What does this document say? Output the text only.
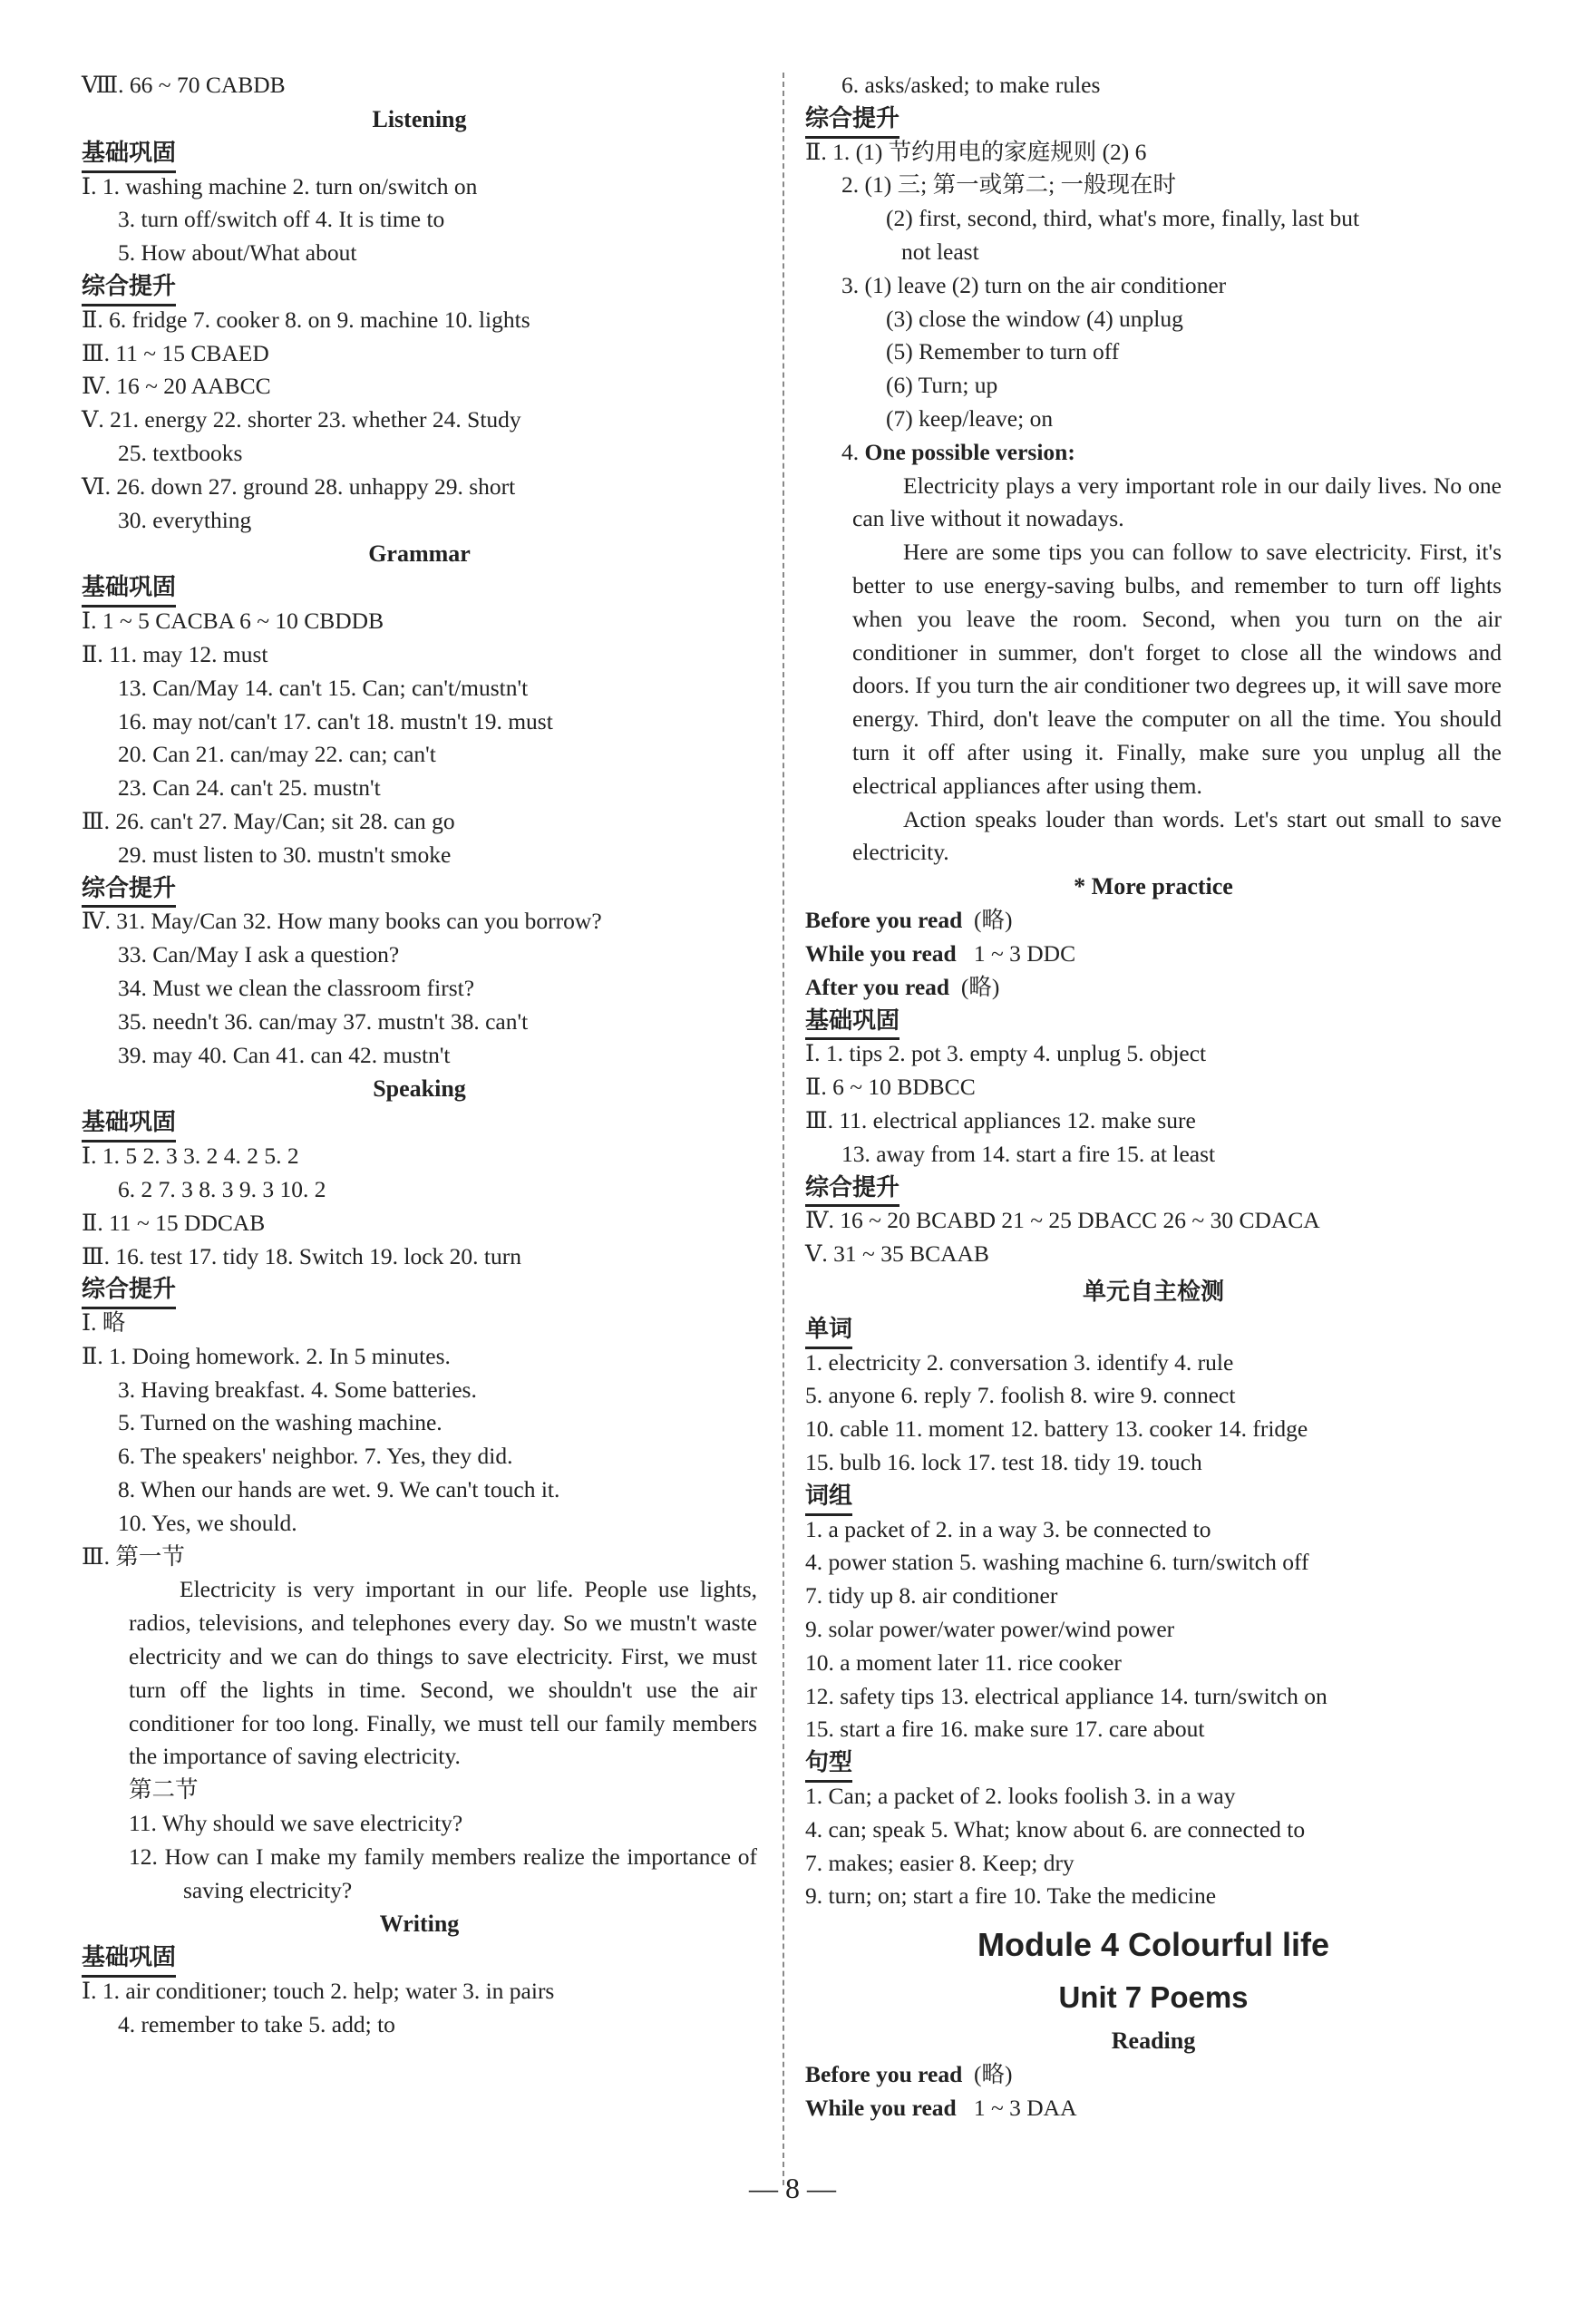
Ⅷ. 66 ~ 70 CABDB
Listening
基础巩固
Ⅰ. 1. washing machine 2. turn on/switch on
3. turn off/switch off 4. It is time to
5. How about/What about
综合提升
Ⅱ. 6. fridge 7. cooker 8. on 9. machine 10. lights
Ⅲ. 11 ~ 15 CBAED
Ⅳ. 16 ~ 20 AABCC
Ⅴ. 21. energy 22. shorter 23. whether 24. Study
25. textbooks
Ⅵ. 26. down 27. ground 28. unhappy 29. short
30. everything
Grammar
基础巩固
Ⅰ. 1 ~ 5 CACBA 6 ~ 10 CBDDB
Ⅱ. 11. may 12. must
13. Can/May 14. can't 15. Can; can't/mustn't
16. may not/can't 17. can't 18. mustn't 19. must
20. Can 21. can/may 22. can; can't
23. Can 24. can't 25. mustn't
Ⅲ. 26. can't 27. May/Can; sit 28. can go
29. must listen to 30. mustn't smoke
综合提升
Ⅳ. 31. May/Can 32. How many books can you borrow?
33. Can/May I ask a question?
34. Must we clean the classroom first?
35. needn't 36. can/may 37. mustn't 38. can't
39. may 40. Can 41. can 42. mustn't
Speaking
基础巩固
Ⅰ. 1. 5 2. 3 3. 2 4. 2 5. 2
6. 2 7. 3 8. 3 9. 3 10. 2
Ⅱ. 11 ~ 15 DDCAB
Ⅲ. 16. test 17. tidy 18. Switch 19. lock 20. turn
综合提升
Ⅰ. 略
Ⅱ. 1. Doing homework. 2. In 5 minutes.
3. Having breakfast. 4. Some batteries.
5. Turned on the washing machine.
6. The speakers' neighbor. 7. Yes, they did.
8. When our hands are wet. 9. We can't touch it.
10. Yes, we should.
Ⅲ. 第一节
Electricity is very important in our life. People use lights, radios, televisions, and telephones every day. So we mustn't waste electricity and we can do things to save electricity. First, we must turn off the lights in time. Second, we shouldn't use the air conditioner for too long. Finally, we must tell our family members the importance of saving electricity.
第二节
11. Why should we save electricity?
12. How can I make my family members realize the importance of saving electricity?
Writing
基础巩固
Ⅰ. 1. air conditioner; touch 2. help; water 3. in pairs
4. remember to take 5. add; to
6. asks/asked; to make rules
综合提升
Ⅱ. 1. (1) 节约用电的家庭规则 (2) 6
2. (1) 三; 第一或第二; 一般现在时
(2) first, second, third, what's more, finally, last but
not least
3. (1) leave (2) turn on the air conditioner
(3) close the window (4) unplug
(5) Remember to turn off
(6) Turn; up
(7) keep/leave; on
4. One possible version:
Electricity plays a very important role in our daily lives. No one can live without it nowadays.
Here are some tips you can follow to save electricity. First, it's better to use energy-saving bulbs, and remember to turn off lights when you leave the room. Second, when you turn on the air conditioner in summer, don't forget to close all the windows and doors. If you turn the air conditioner two degrees up, it will save more energy. Third, don't leave the computer on all the time. You should turn it off after using it. Finally, make sure you unplug all the electrical appliances after using them.
Action speaks louder than words. Let's start out small to save electricity.
* More practice
Before you read (略)
While you read 1 ~ 3 DDC
After you read (略)
基础巩固
Ⅰ. 1. tips 2. pot 3. empty 4. unplug 5. object
Ⅱ. 6 ~ 10 BDBCC
Ⅲ. 11. electrical appliances 12. make sure
13. away from 14. start a fire 15. at least
综合提升
Ⅳ. 16 ~ 20 BCABD 21 ~ 25 DBACC 26 ~ 30 CDACA
Ⅴ. 31 ~ 35 BCAAB
单元自主检测
单词
1. electricity 2. conversation 3. identify 4. rule
5. anyone 6. reply 7. foolish 8. wire 9. connect
10. cable 11. moment 12. battery 13. cooker 14. fridge
15. bulb 16. lock 17. test 18. tidy 19. touch
词组
1. a packet of 2. in a way 3. be connected to
4. power station 5. washing machine 6. turn/switch off
7. tidy up 8. air conditioner
9. solar power/water power/wind power
10. a moment later 11. rice cooker
12. safety tips 13. electrical appliance 14. turn/switch on
15. start a fire 16. make sure 17. care about
句型
1. Can; a packet of 2. looks foolish 3. in a way
4. can; speak 5. What; know about 6. are connected to
7. makes; easier 8. Keep; dry
9. turn; on; start a fire 10. Take the medicine
Module 4 Colourful life
Unit 7 Poems
Reading
Before you read (略)
While you read 1 ~ 3 DAA
— 8 —
